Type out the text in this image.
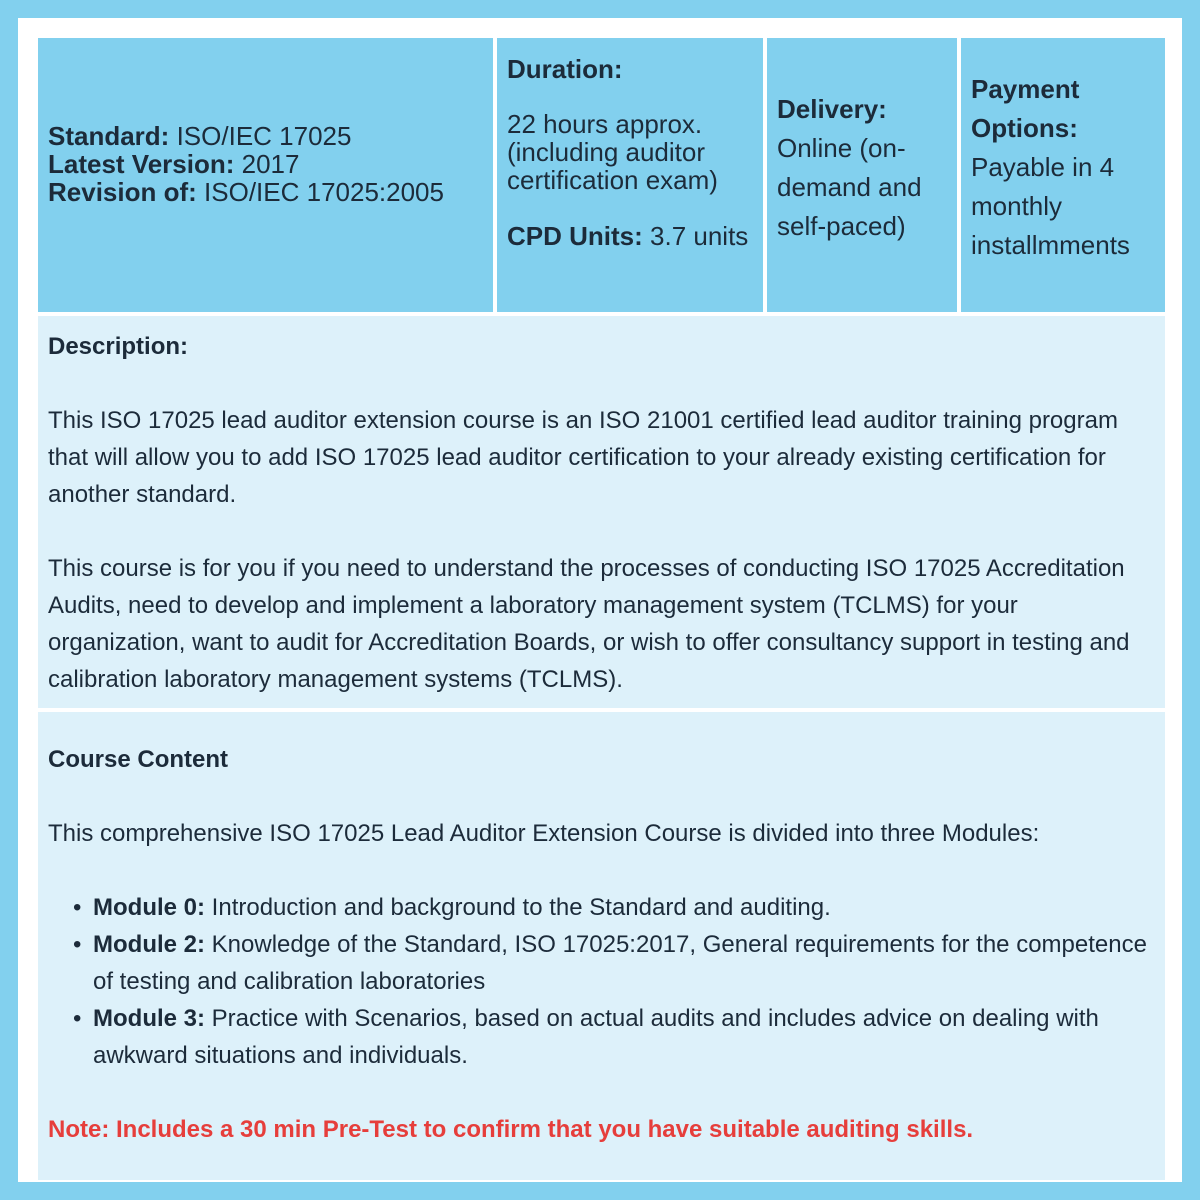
Standard: ISO/IEC 17025
Latest Version: 2017
Revision of: ISO/IEC 17025:2005
Duration:
22 hours approx. (including auditor certification exam)
CPD Units: 3.7 units
Delivery:
Online (on-demand and self-paced)
Payment Options:
Payable in 4 monthly installmments

Description:

This ISO 17025 lead auditor extension course is an ISO 21001 certified lead auditor training program that will allow you to add ISO 17025 lead auditor certification to your already existing certification for another standard.

This course is for you if you need to understand the processes of conducting ISO 17025 Accreditation Audits, need to develop and implement a laboratory management system (TCLMS) for your organization, want to audit for Accreditation Boards, or wish to offer consultancy support in testing and calibration laboratory management systems (TCLMS).

Course Content

This comprehensive ISO 17025 Lead Auditor Extension Course is divided into three Modules:

• Module 0: Introduction and background to the Standard and auditing.
• Module 2: Knowledge of the Standard, ISO 17025:2017, General requirements for the competence of testing and calibration laboratories
• Module 3: Practice with Scenarios, based on actual audits and includes advice on dealing with awkward situations and individuals.

Note: Includes a 30 min Pre-Test to confirm that you have suitable auditing skills.
